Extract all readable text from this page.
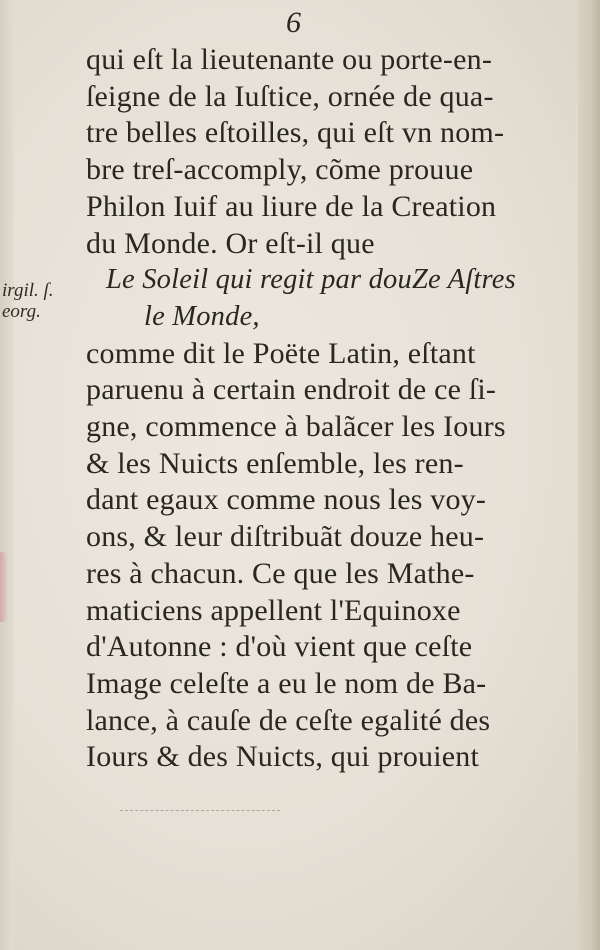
6
irgil. ſ.
eorg.
qui eſt la lieutenante ou porte-en-
ſeigne de la Iuſtice, ornée de qua-
tre belles eſtoilles, qui eſt vn nom-
bre treſ-accomply, cõme prouue
Philon Iuif au liure de la Creation
du Monde. Or eſt-il que
Le Soleil qui regit par douZe Aſtres
le Monde,
comme dit le Poëte Latin, eſtant
paruenu à certain endroit de ce ſi-
gne, commence à balãcer les Iours
& les Nuicts enſemble, les ren-
dant egaux comme nous les voy-
ons, & leur diſtribuãt douze heu-
res à chacun. Ce que les Mathe-
maticiens appellent l'Equinoxe
d'Autonne : d'où vient que ceſte
Image celeſte a eu le nom de Ba-
lance, à cauſe de ceſte egalité des
Iours & des Nuicts, qui prouient
